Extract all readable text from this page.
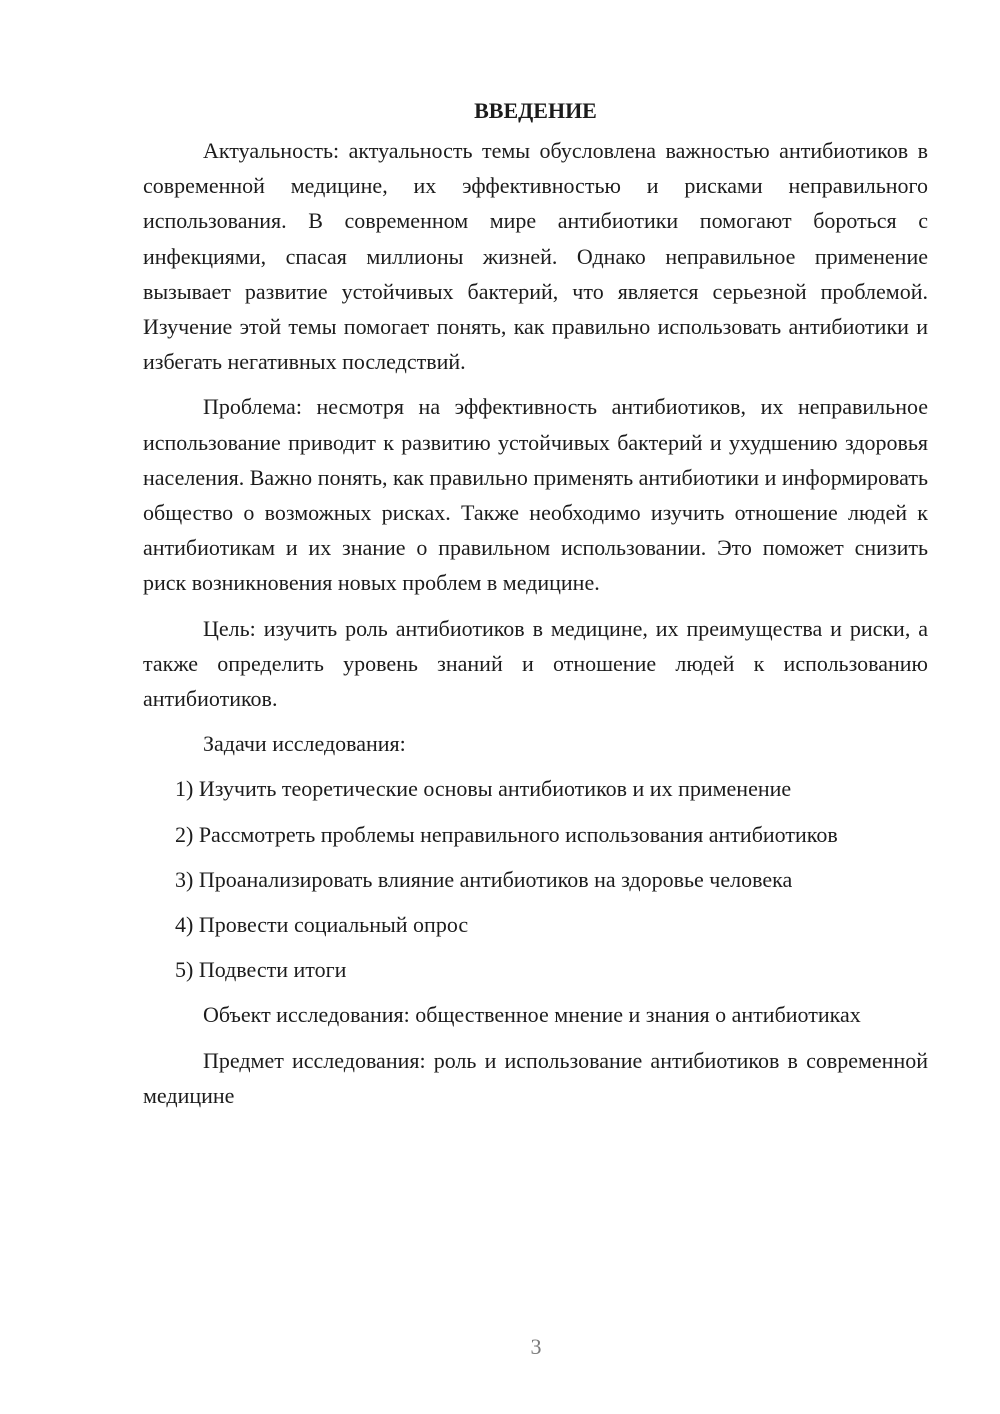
ВВЕДЕНИЕ

Актуальность: актуальность темы обусловлена важностью антибиотиков в современной медицине, их эффективностью и рисками неправильного использования. В современном мире антибиотики помогают бороться с инфекциями, спасая миллионы жизней. Однако неправильное применение вызывает развитие устойчивых бактерий, что является серьезной проблемой. Изучение этой темы помогает понять, как правильно использовать антибиотики и избегать негативных последствий.

Проблема: несмотря на эффективность антибиотиков, их неправильное использование приводит к развитию устойчивых бактерий и ухудшению здоровья населения. Важно понять, как правильно применять антибиотики и информировать общество о возможных рисках. Также необходимо изучить отношение людей к антибиотикам и их знание о правильном использовании. Это поможет снизить риск возникновения новых проблем в медицине.

Цель: изучить роль антибиотиков в медицине, их преимущества и риски, а также определить уровень знаний и отношение людей к использованию антибиотиков.

Задачи исследования:

1) Изучить теоретические основы антибиотиков и их применение

2) Рассмотреть проблемы неправильного использования антибиотиков

3) Проанализировать влияние антибиотиков на здоровье человека

4) Провести социальный опрос

5) Подвести итоги

Объект исследования: общественное мнение и знания о антибиотиках

Предмет исследования: роль и использование антибиотиков в современной медицине

3
